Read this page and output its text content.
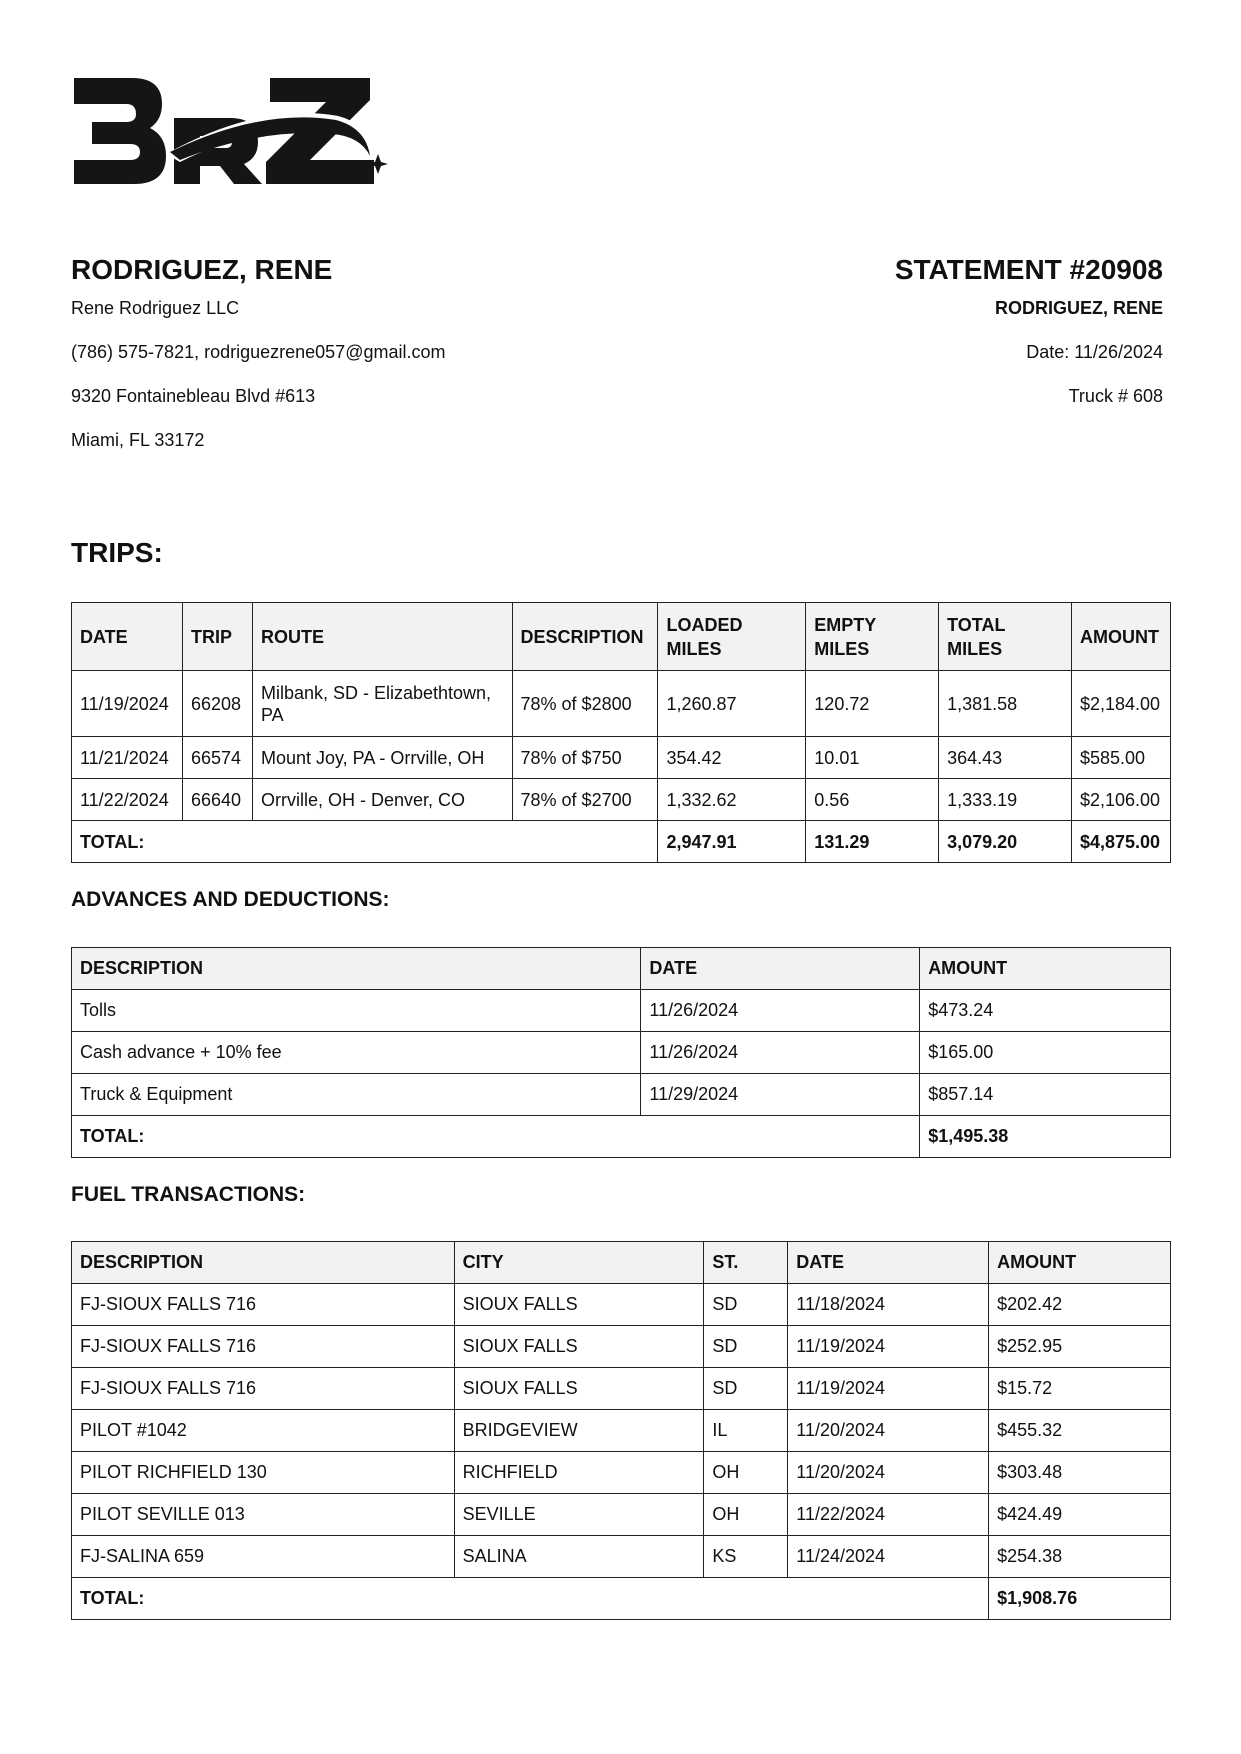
RODRIGUEZ, RENE
Rene Rodriguez LLC
(786) 575-7821, rodriguezrene057@gmail.com
9320 Fontainebleau Blvd #613
Miami, FL 33172
STATEMENT #20908
RODRIGUEZ, RENE
Date: 11/26/2024
Truck # 608
TRIPS:
DATE	TRIP	ROUTE	DESCRIPTION	LOADED MILES	EMPTY MILES	TOTAL MILES	AMOUNT
11/19/2024	66208	Milbank, SD - Elizabethtown, PA	78% of $2800	1,260.87	120.72	1,381.58	$2,184.00
11/21/2024	66574	Mount Joy, PA - Orrville, OH	78% of $750	354.42	10.01	364.43	$585.00
11/22/2024	66640	Orrville, OH - Denver, CO	78% of $2700	1,332.62	0.56	1,333.19	$2,106.00
TOTAL:				2,947.91	131.29	3,079.20	$4,875.00
ADVANCES AND DEDUCTIONS:
DESCRIPTION	DATE	AMOUNT
Tolls	11/26/2024	$473.24
Cash advance + 10% fee	11/26/2024	$165.00
Truck & Equipment	11/29/2024	$857.14
TOTAL:		$1,495.38
FUEL TRANSACTIONS:
DESCRIPTION	CITY	ST.	DATE	AMOUNT
FJ-SIOUX FALLS 716	SIOUX FALLS	SD	11/18/2024	$202.42
FJ-SIOUX FALLS 716	SIOUX FALLS	SD	11/19/2024	$252.95
FJ-SIOUX FALLS 716	SIOUX FALLS	SD	11/19/2024	$15.72
PILOT #1042	BRIDGEVIEW	IL	11/20/2024	$455.32
PILOT RICHFIELD 130	RICHFIELD	OH	11/20/2024	$303.48
PILOT SEVILLE 013	SEVILLE	OH	11/22/2024	$424.49
FJ-SALINA 659	SALINA	KS	11/24/2024	$254.38
TOTAL:				$1,908.76
